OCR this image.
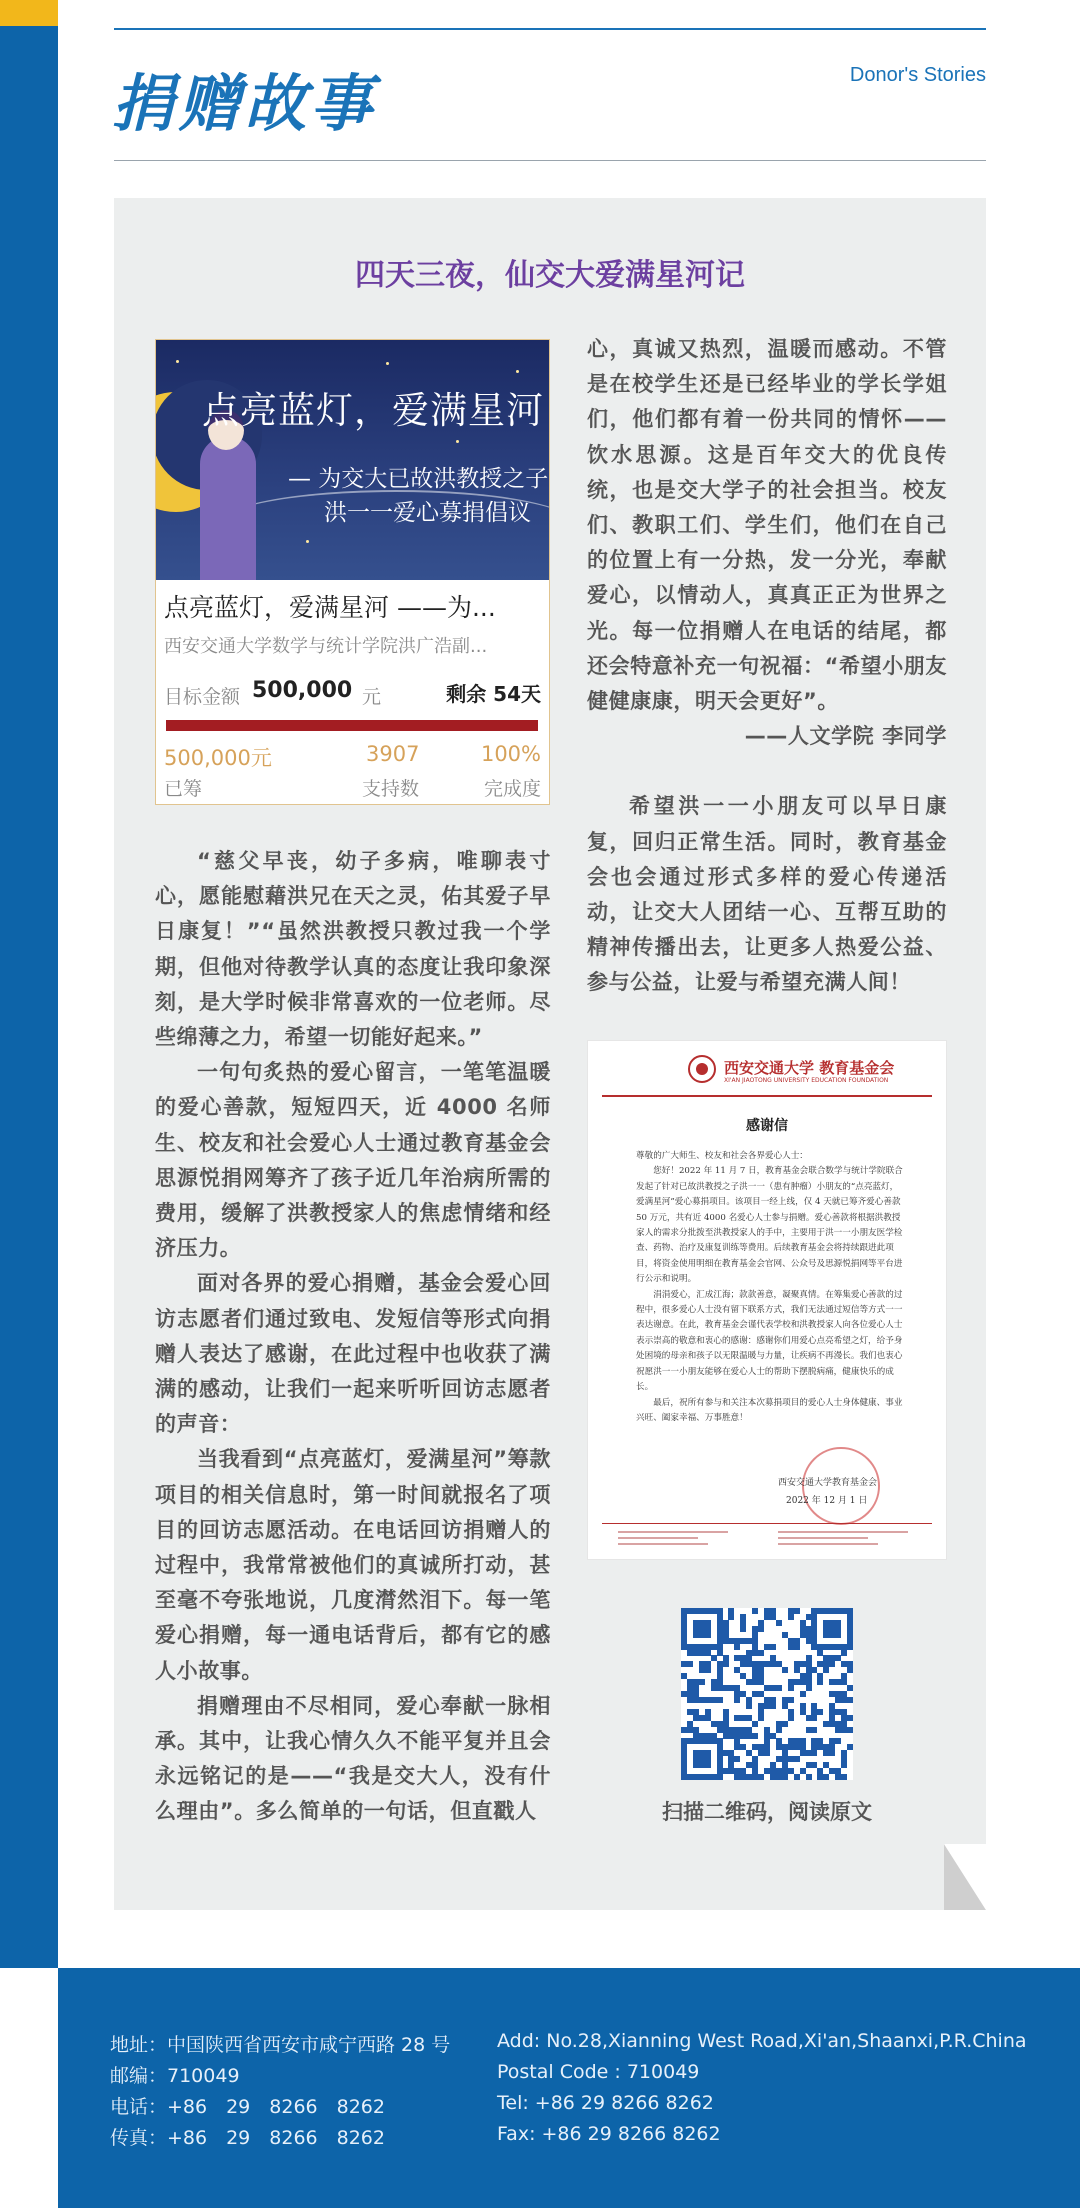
捐赠故事	Donor's Stories
四天三夜，仙交大爱满星河记
点亮蓝灯，爱满星河
— 为交大已故洪教授之子
洪一一爱心募捐倡议
点亮蓝灯，爱满星河 ——为...
西安交通大学数学与统计学院洪广浩副...
目标金额 500,000 元	剩余 54天
500,000元
已筹
3907
支持数
100%
完成度

“慈父早丧，幼子多病，唯聊表寸心，愿能慰藉洪兄在天之灵，佑其爱子早日康复！”“虽然洪教授只教过我一个学期，但他对待教学认真的态度让我印象深刻，是大学时候非常喜欢的一位老师。尽些绵薄之力，希望一切能好起来。”

一句句炙热的爱心留言，一笔笔温暖的爱心善款，短短四天，近 4000 名师生、校友和社会爱心人士通过教育基金会思源悦捐网筹齐了孩子近几年治病所需的费用，缓解了洪教授家人的焦虑情绪和经济压力。

面对各界的爱心捐赠，基金会爱心回访志愿者们通过致电、发短信等形式向捐赠人表达了感谢，在此过程中也收获了满满的感动，让我们一起来听听回访志愿者的声音：

当我看到“点亮蓝灯，爱满星河”筹款项目的相关信息时，第一时间就报名了项目的回访志愿活动。在电话回访捐赠人的过程中，我常常被他们的真诚所打动，甚至毫不夸张地说，几度潸然泪下。每一笔爱心捐赠，每一通电话背后，都有它的感人小故事。

捐赠理由不尽相同，爱心奉献一脉相承。其中，让我心情久久不能平复并且会永远铭记的是——“我是交大人，没有什么理由”。多么简单的一句话，但直戳人

心，真诚又热烈，温暖而感动。不管是在校学生还是已经毕业的学长学姐们，他们都有着一份共同的情怀——饮水思源。这是百年交大的优良传统，也是交大学子的社会担当。校友们、教职工们、学生们，他们在自己的位置上有一分热，发一分光，奉献爱心，以情动人，真真正正为世界之光。每一位捐赠人在电话的结尾，都还会特意补充一句祝福：“希望小朋友健健康康，明天会更好”。

——人文学院 李同学

希望洪一一小朋友可以早日康复，回归正常生活。同时，教育基金会也会通过形式多样的爱心传递活动，让交大人团结一心、互帮互助的精神传播出去，让更多人热爱公益、参与公益，让爱与希望充满人间！

西安交通大学 教育基金会
XI'AN JIAOTONG UNIVERSITY EDUCATION FOUNDATION
感谢信
尊敬的广大师生、校友和社会各界爱心人士：

您好！2022 年 11 月 7 日，教育基金会联合数学与统计学院联合发起了针对已故洪教授之子洪一一（患有肿瘤）小朋友的“点亮蓝灯，爱满星河”爱心募捐项目。该项目一经上线，仅 4 天就已筹齐爱心善款 50 万元，共有近 4000 名爱心人士参与捐赠。爱心善款将根据洪教授家人的需求分批拨至洪教授家人的手中，主要用于洪一一小朋友医学检查、药物、治疗及康复训练等费用。后续教育基金会将持续跟进此项目，将资金使用明细在教育基金会官网、公众号及思源悦捐网等平台进行公示和说明。

涓涓爱心，汇成江海；款款善意，凝聚真情。在筹集爱心善款的过程中，很多爱心人士没有留下联系方式，我们无法通过短信等方式一一表达谢意。在此，教育基金会谨代表学校和洪教授家人向各位爱心人士表示崇高的敬意和衷心的感谢：感谢你们用爱心点亮希望之灯，给予身处困境的母亲和孩子以无限温暖与力量，让疾病不再漫长。我们也衷心祝愿洪一一小朋友能够在爱心人士的帮助下摆脱病痛，健康快乐的成长。

最后，祝所有参与和关注本次募捐项目的爱心人士身体健康、事业兴旺、阖家幸福、万事胜意！

西安交通大学教育基金会
2022 年 12 月 1 日
扫描二维码，阅读原文
地址：中国陕西省西安市咸宁西路 28 号
邮编：710049
电话：+86　29　8266　8262
传真：+86　29　8266　8262
Add: No.28,Xianning West Road,Xi'an,Shaanxi,P.R.China
Postal Code : 710049
Tel: +86 29 8266 8262
Fax: +86 29 8266 8262
